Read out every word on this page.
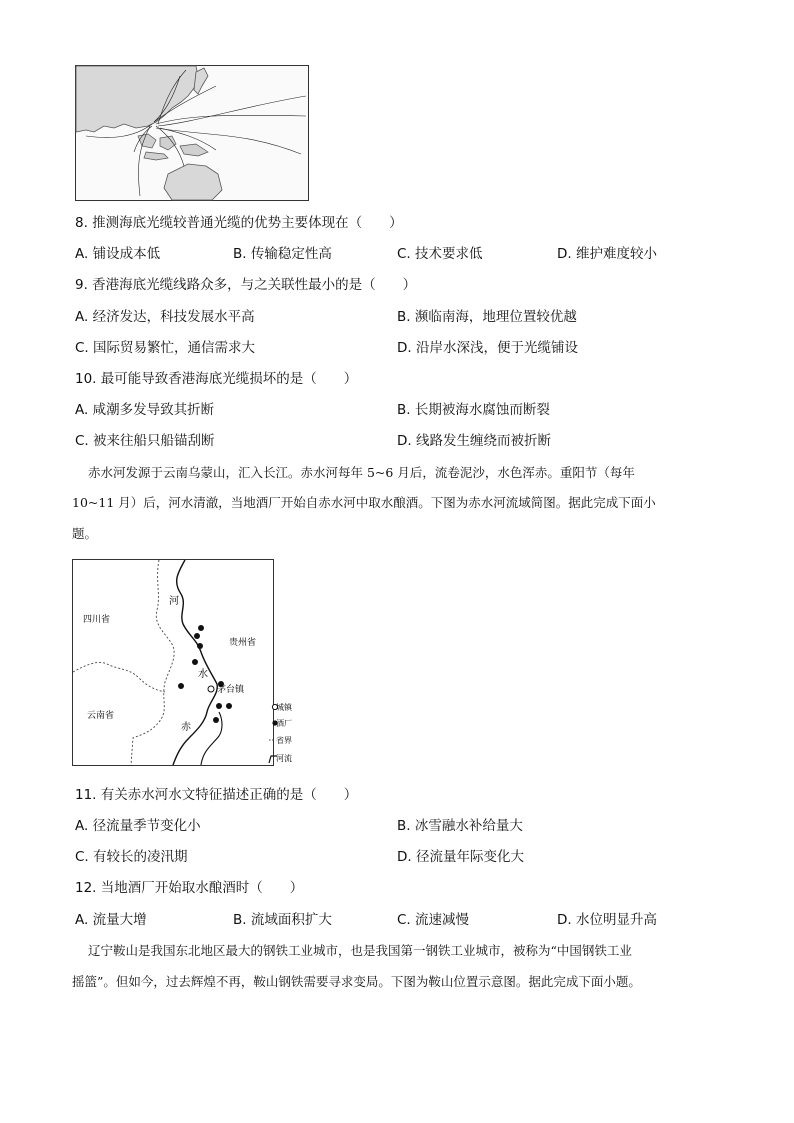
8. 推测海底光缆较普通光缆的优势主要体现在（　　）
A. 铺设成本低	B. 传输稳定性高	C. 技术要求低	D. 维护难度较小
9. 香港海底光缆线路众多，与之关联性最小的是（　　）
A. 经济发达，科技发展水平高	B. 濒临南海，地理位置较优越
C. 国际贸易繁忙，通信需求大	D. 沿岸水深浅，便于光缆铺设
10. 最可能导致香港海底光缆损坏的是（　　）
A. 咸潮多发导致其折断	B. 长期被海水腐蚀而断裂
C. 被来往船只船锚刮断	D. 线路发生缠绕而被折断
赤水河发源于云南乌蒙山，汇入长江。赤水河每年 5~6 月后，流卷泥沙，水色浑赤。重阳节（每年
10~11 月）后，河水清澈，当地酒厂开始自赤水河中取水酿酒。下图为赤水河流域简图。据此完成下面小
题。
四川省
贵州省
云南省
茅台镇
河
水
赤
城镇
酒厂
省界
河流
11. 有关赤水河水文特征描述正确的是（　　）
A. 径流量季节变化小	B. 冰雪融水补给量大
C. 有较长的凌汛期	D. 径流量年际变化大
12. 当地酒厂开始取水酿酒时（　　）
A. 流量大增	B. 流域面积扩大	C. 流速减慢	D. 水位明显升高
辽宁鞍山是我国东北地区最大的钢铁工业城市，也是我国第一钢铁工业城市，被称为“中国钢铁工业
摇篮”。但如今，过去辉煌不再，鞍山钢铁需要寻求变局。下图为鞍山位置示意图。据此完成下面小题。
